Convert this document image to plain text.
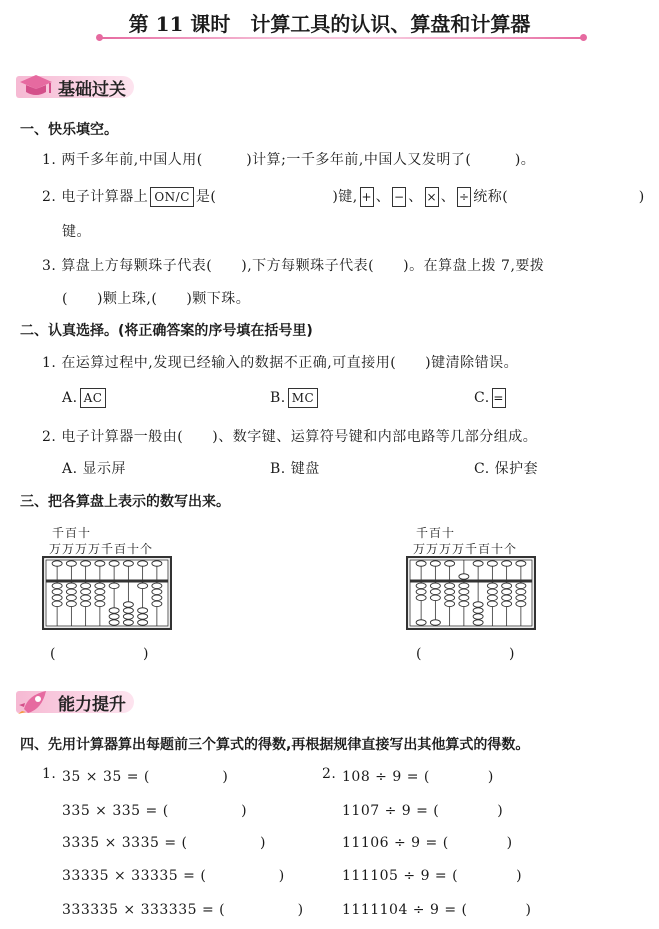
第 11 课时　计算工具的认识、算盘和计算器
基础过关
一、快乐填空。
1. 两千多年前,中国人用(　　　)计算;一千多年前,中国人又发明了(　　　)。
2. 电子计算器上 ON/C 是(　　　　　　　　)键, + 、 − 、 × 、 ÷ 统称(　　　　　　　　　)
键。
3. 算盘上方每颗珠子代表(　　),下方每颗珠子代表(　　)。在算盘上拨 7,要拨
(　　)颗上珠,(　　)颗下珠。
二、认真选择。(将正确答案的序号填在括号里)
1. 在运算过程中,发现已经输入的数据不正确,可直接用(　　)键清除错误。
A. AC	B. MC	C. =
2. 电子计算器一般由(　　)、数字键、运算符号键和内部电路等几部分组成。
A. 显示屏	B. 键盘	C. 保护套
三、把各算盘上表示的数写出来。
千百十
万万万万千百十个
(　　　　　　)
千百十
万万万万千百十个
(　　　　　　)
能力提升
四、先用计算器算出每题前三个算式的得数,再根据规律直接写出其他算式的得数。
1. 35 × 35 = (　　　　　)
335 × 335 = (　　　　　)
3335 × 3335 = (　　　　　)
33335 × 33335 = (　　　　　)
333335 × 333335 = (　　　　　)
2. 108 ÷ 9 = (　　　　)
1107 ÷ 9 = (　　　　)
11106 ÷ 9 = (　　　　)
111105 ÷ 9 = (　　　　)
1111104 ÷ 9 = (　　　　)
